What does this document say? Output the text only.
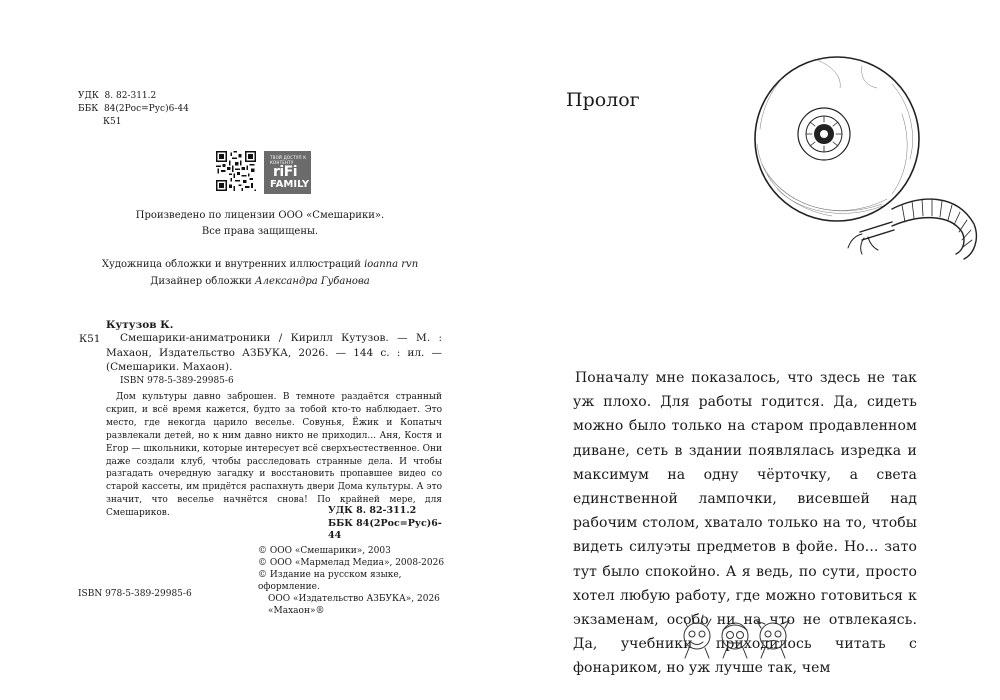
УДК 8. 82-311.2
ББК 84(2Рос=Рус)6-44
К51
ТВОЙ ДОСТУП К КОНТЕНТУ
riFi
FAMILY
Произведено по лицензии ООО «Смешарики».
Все права защищены.
Художница обложки и внутренних иллюстраций ioanna rvn
Дизайнер обложки Александра Губанова
Кутузов К.
К51	Смешарики-аниматроники / Кирилл Кутузов. — М. : Махаон, Издательство АЗБУКА, 2026. — 144 с. : ил. — (Смешарики. Махаон).
ISBN 978-5-389-29985-6
Дом культуры давно заброшен. В темноте раздаётся странный скрип, и всё время кажется, будто за тобой кто-то наблюдает. Это место, где некогда царило веселье. Совунья, Ёжик и Копатыч развлекали детей, но к ним давно никто не приходил... Аня, Костя и Егор — школьники, которые интересует всё сверхъестественное. Они даже создали клуб, чтобы расследовать странные дела. И чтобы разгадать очередную загадку и восстановить пропавшее видео со старой кассеты, им придётся распахнуть двери Дома культуры. А это значит, что веселье начнётся снова! По крайней мере, для Смешариков.	УДК 8. 82-311.2
ББК 84(2Рос=Рус)6-44
© ООО «Смешарики», 2003
© ООО «Мармелад Медиа», 2008-2026
© Издание на русском языке, оформление.
ООО «Издательство АЗБУКА», 2026
«Махаон»®
ISBN 978-5-389-29985-6
Пролог
Поначалу мне показалось, что здесь не так уж плохо. Для работы годится. Да, сидеть можно было только на старом продавленном диване, сеть в здании появлялась изредка и максимум на одну чёрточку, а света единственной лампочки, висевшей над рабочим столом, хватало только на то, чтобы видеть силуэты предметов в фойе. Но... зато тут было спокойно. А я ведь, по сути, просто хотел любую работу, где можно готовиться к экзаменам, особо ни на что не отвлекаясь. Да, учебники приходилось читать с фонариком, но уж лучше так, чем
